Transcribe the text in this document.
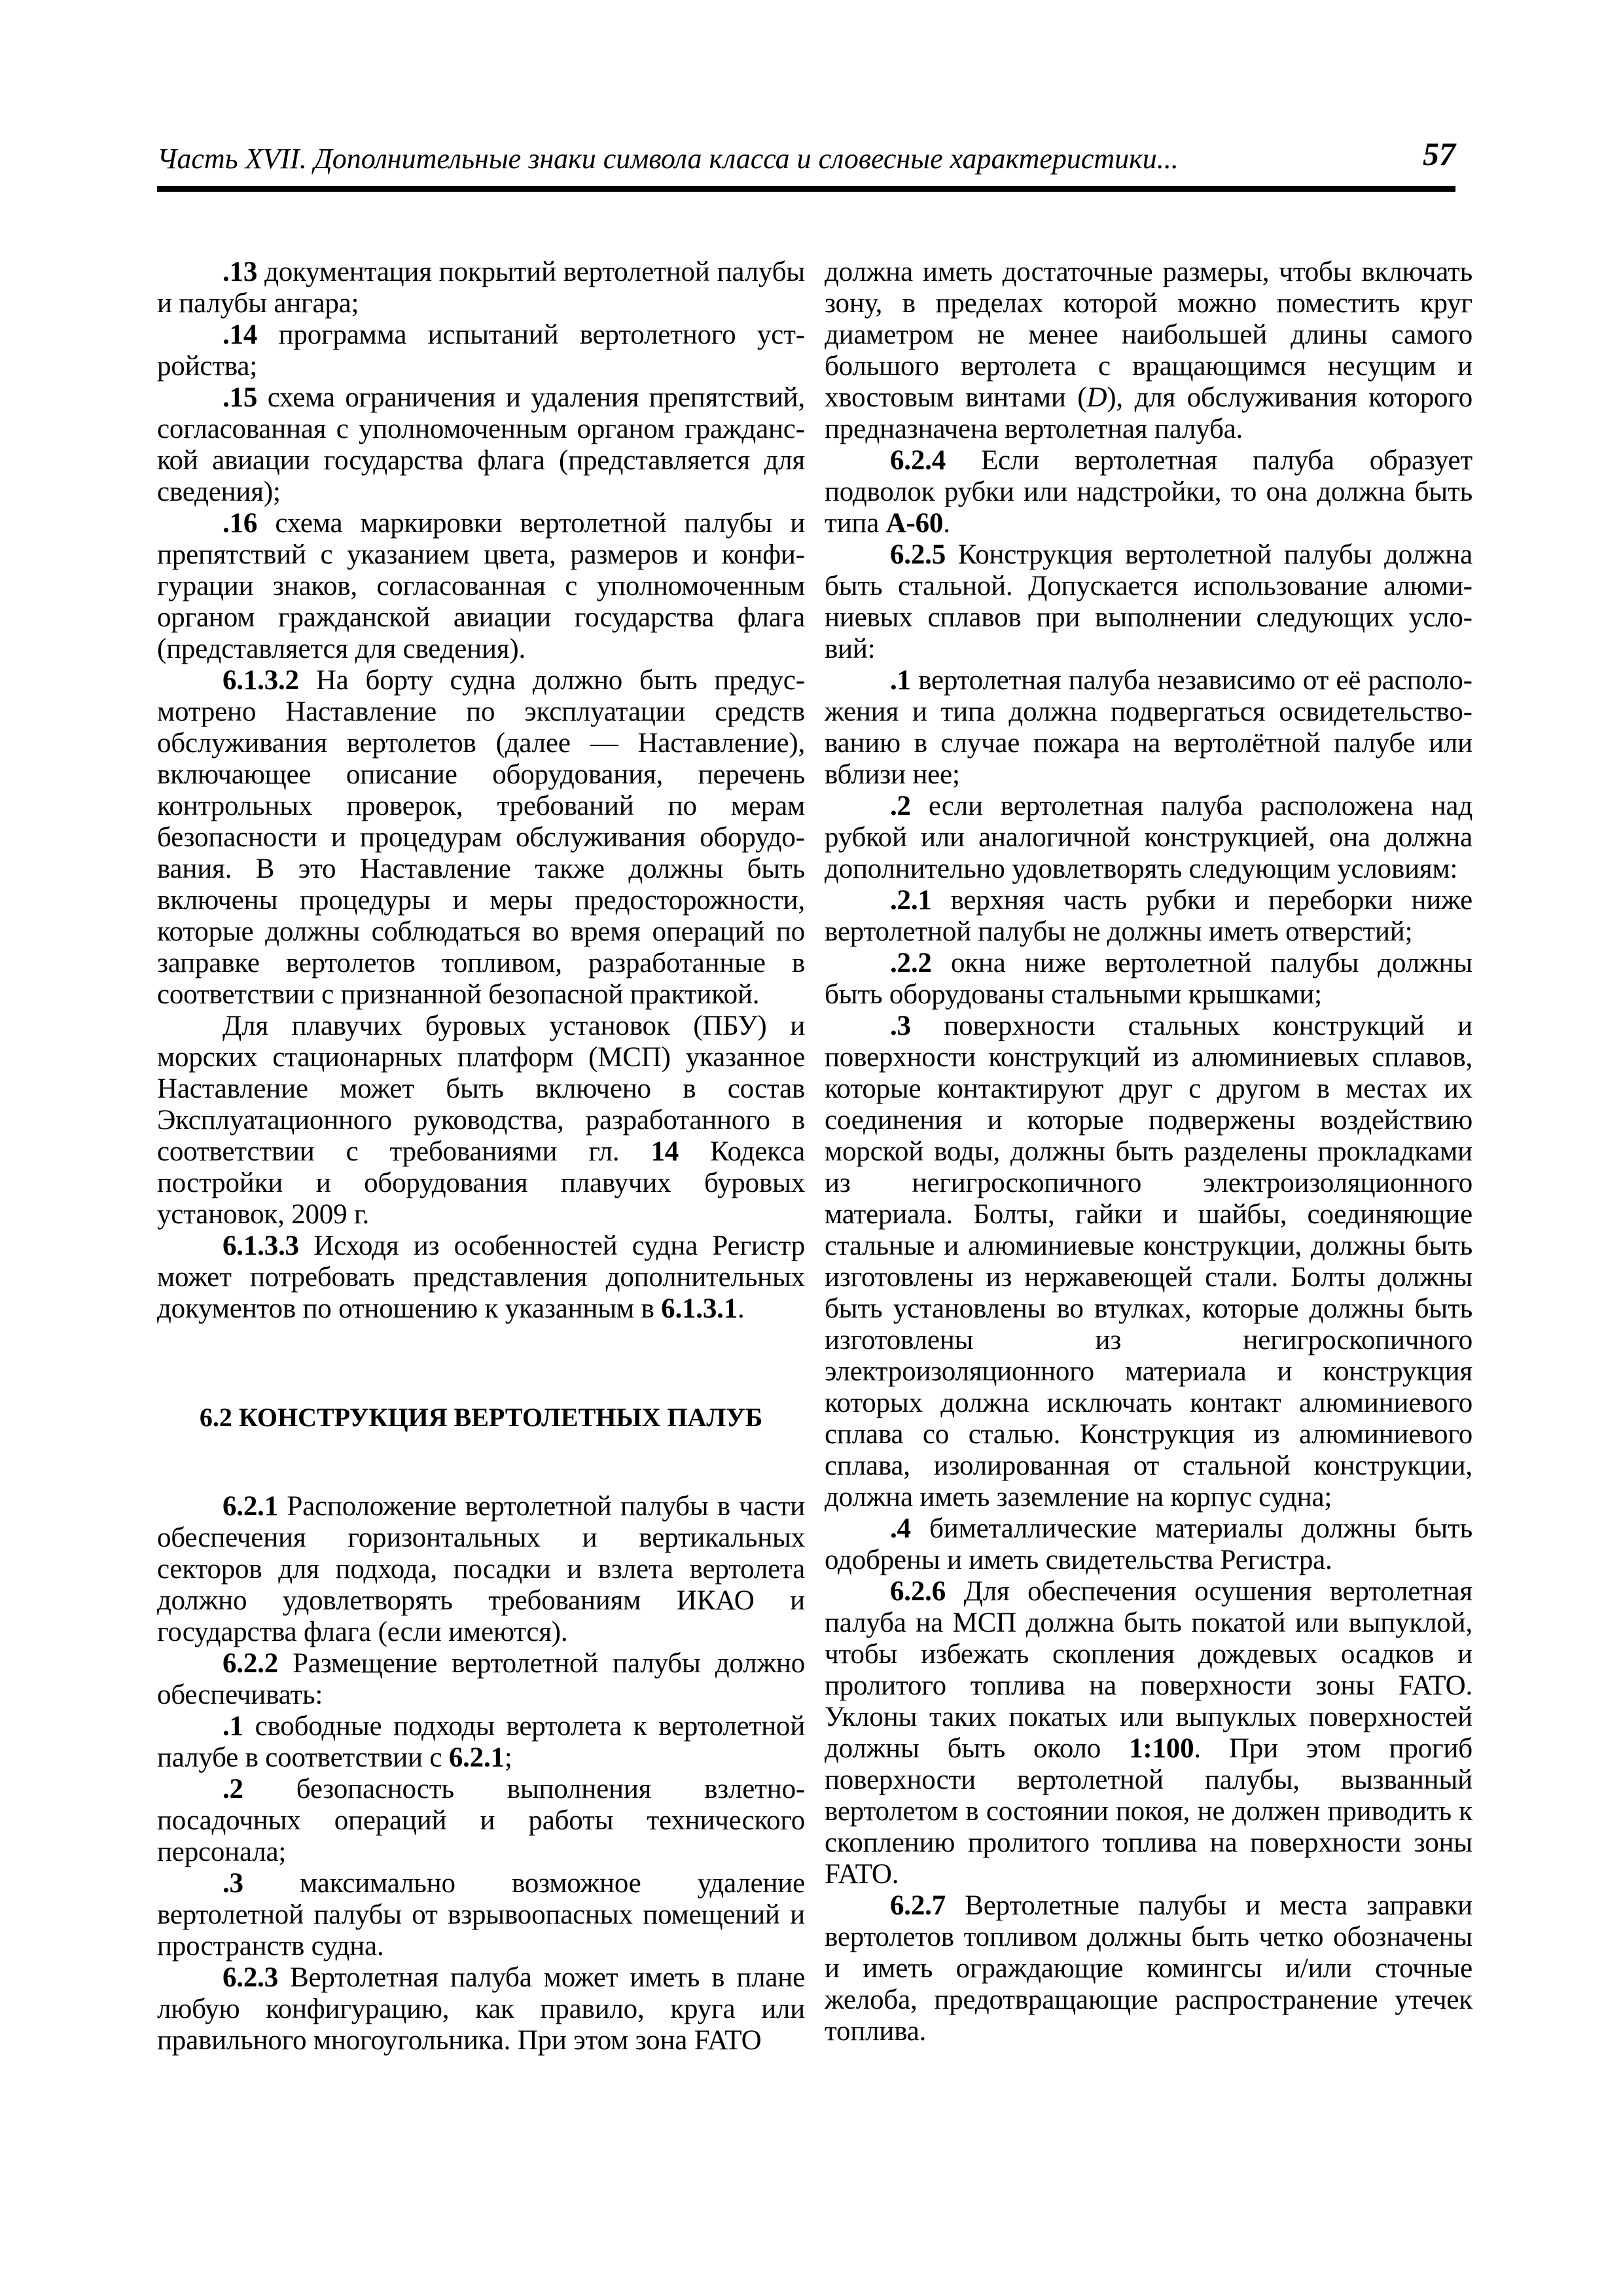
Часть XVII. Дополнительные знаки символа класса и словесные характеристики...	57

.13 документация покрытий вертолетной палубы и палубы ангара;

.14 программа испытаний вертолетного устройства;

.15 схема ограничения и удаления препятствий, согласованная с уполномоченным органом гражданской авиации государства флага (представляется для сведения);

.16 схема маркировки вертолетной палубы и препятствий с указанием цвета, размеров и конфигурации знаков, согласованная с уполномоченным органом гражданской авиации государства флага (представляется для сведения).

6.1.3.2 На борту судна должно быть предусмотрено Наставление по эксплуатации средств обслуживания вертолетов (далее — Наставление), включающее описание оборудования, перечень контрольных проверок, требований по мерам безопасности и процедурам обслуживания оборудования. В это Наставление также должны быть включены процедуры и меры предосторожности, которые должны соблюдаться во время операций по заправке вертолетов топливом, разработанные в соответствии с признанной безопасной практикой.

Для плавучих буровых установок (ПБУ) и морских стационарных платформ (МСП) указанное Наставление может быть включено в состав Эксплуатационного руководства, разработанного в соответствии с требованиями гл. 14 Кодекса постройки и оборудования плавучих буровых установок, 2009 г.

6.1.3.3 Исходя из особенностей судна Регистр может потребовать представления дополнительных документов по отношению к указанным в 6.1.3.1.

6.2 КОНСТРУКЦИЯ ВЕРТОЛЕТНЫХ ПАЛУБ

6.2.1 Расположение вертолетной палубы в части обеспечения горизонтальных и вертикальных секторов для подхода, посадки и взлета вертолета должно удовлетворять требованиям ИКАО и государства флага (если имеются).

6.2.2 Размещение вертолетной палубы должно обеспечивать:

.1 свободные подходы вертолета к вертолетной палубе в соответствии с 6.2.1;

.2 безопасность выполнения взлетно-посадочных операций и работы технического персонала;

.3 максимально возможное удаление вертолетной палубы от взрывоопасных помещений и пространств судна.

6.2.3 Вертолетная палуба может иметь в плане любую конфигурацию, как правило, круга или правильного многоугольника. При этом зона FATO

должна иметь достаточные размеры, чтобы включать зону, в пределах которой можно поместить круг диаметром не менее наибольшей длины самого большого вертолета с вращающимся несущим и хвостовым винтами (D), для обслуживания которого предназначена вертолетная палуба.

6.2.4 Если вертолетная палуба образует подволок рубки или надстройки, то она должна быть типа А-60.

6.2.5 Конструкция вертолетной палубы должна быть стальной. Допускается использование алюминиевых сплавов при выполнении следующих условий:

.1 вертолетная палуба независимо от её расположения и типа должна подвергаться освидетельствованию в случае пожара на вертолётной палубе или вблизи нее;

.2 если вертолетная палуба расположена над рубкой или аналогичной конструкцией, она должна дополнительно удовлетворять следующим условиям:

.2.1 верхняя часть рубки и переборки ниже вертолетной палубы не должны иметь отверстий;

.2.2 окна ниже вертолетной палубы должны быть оборудованы стальными крышками;

.3 поверхности стальных конструкций и поверхности конструкций из алюминиевых сплавов, которые контактируют друг с другом в местах их соединения и которые подвержены воздействию морской воды, должны быть разделены прокладками из негигроскопичного электроизоляционного материала. Болты, гайки и шайбы, соединяющие стальные и алюминиевые конструкции, должны быть изготовлены из нержавеющей стали. Болты должны быть установлены во втулках, которые должны быть изготовлены из негигроскопичного электроизоляционного материала и конструкция которых должна исключать контакт алюминиевого сплава со сталью. Конструкция из алюминиевого сплава, изолированная от стальной конструкции, должна иметь заземление на корпус судна;

.4 биметаллические материалы должны быть одобрены и иметь свидетельства Регистра.

6.2.6 Для обеспечения осушения вертолетная палуба на МСП должна быть покатой или выпуклой, чтобы избежать скопления дождевых осадков и пролитого топлива на поверхности зоны FATO. Уклоны таких покатых или выпуклых поверхностей должны быть около 1:100. При этом прогиб поверхности вертолетной палубы, вызванный вертолетом в состоянии покоя, не должен приводить к скоплению пролитого топлива на поверхности зоны FATO.

6.2.7 Вертолетные палубы и места заправки вертолетов топливом должны быть четко обозначены и иметь ограждающие комингсы и/или сточные желоба, предотвращающие распространение утечек топлива.
